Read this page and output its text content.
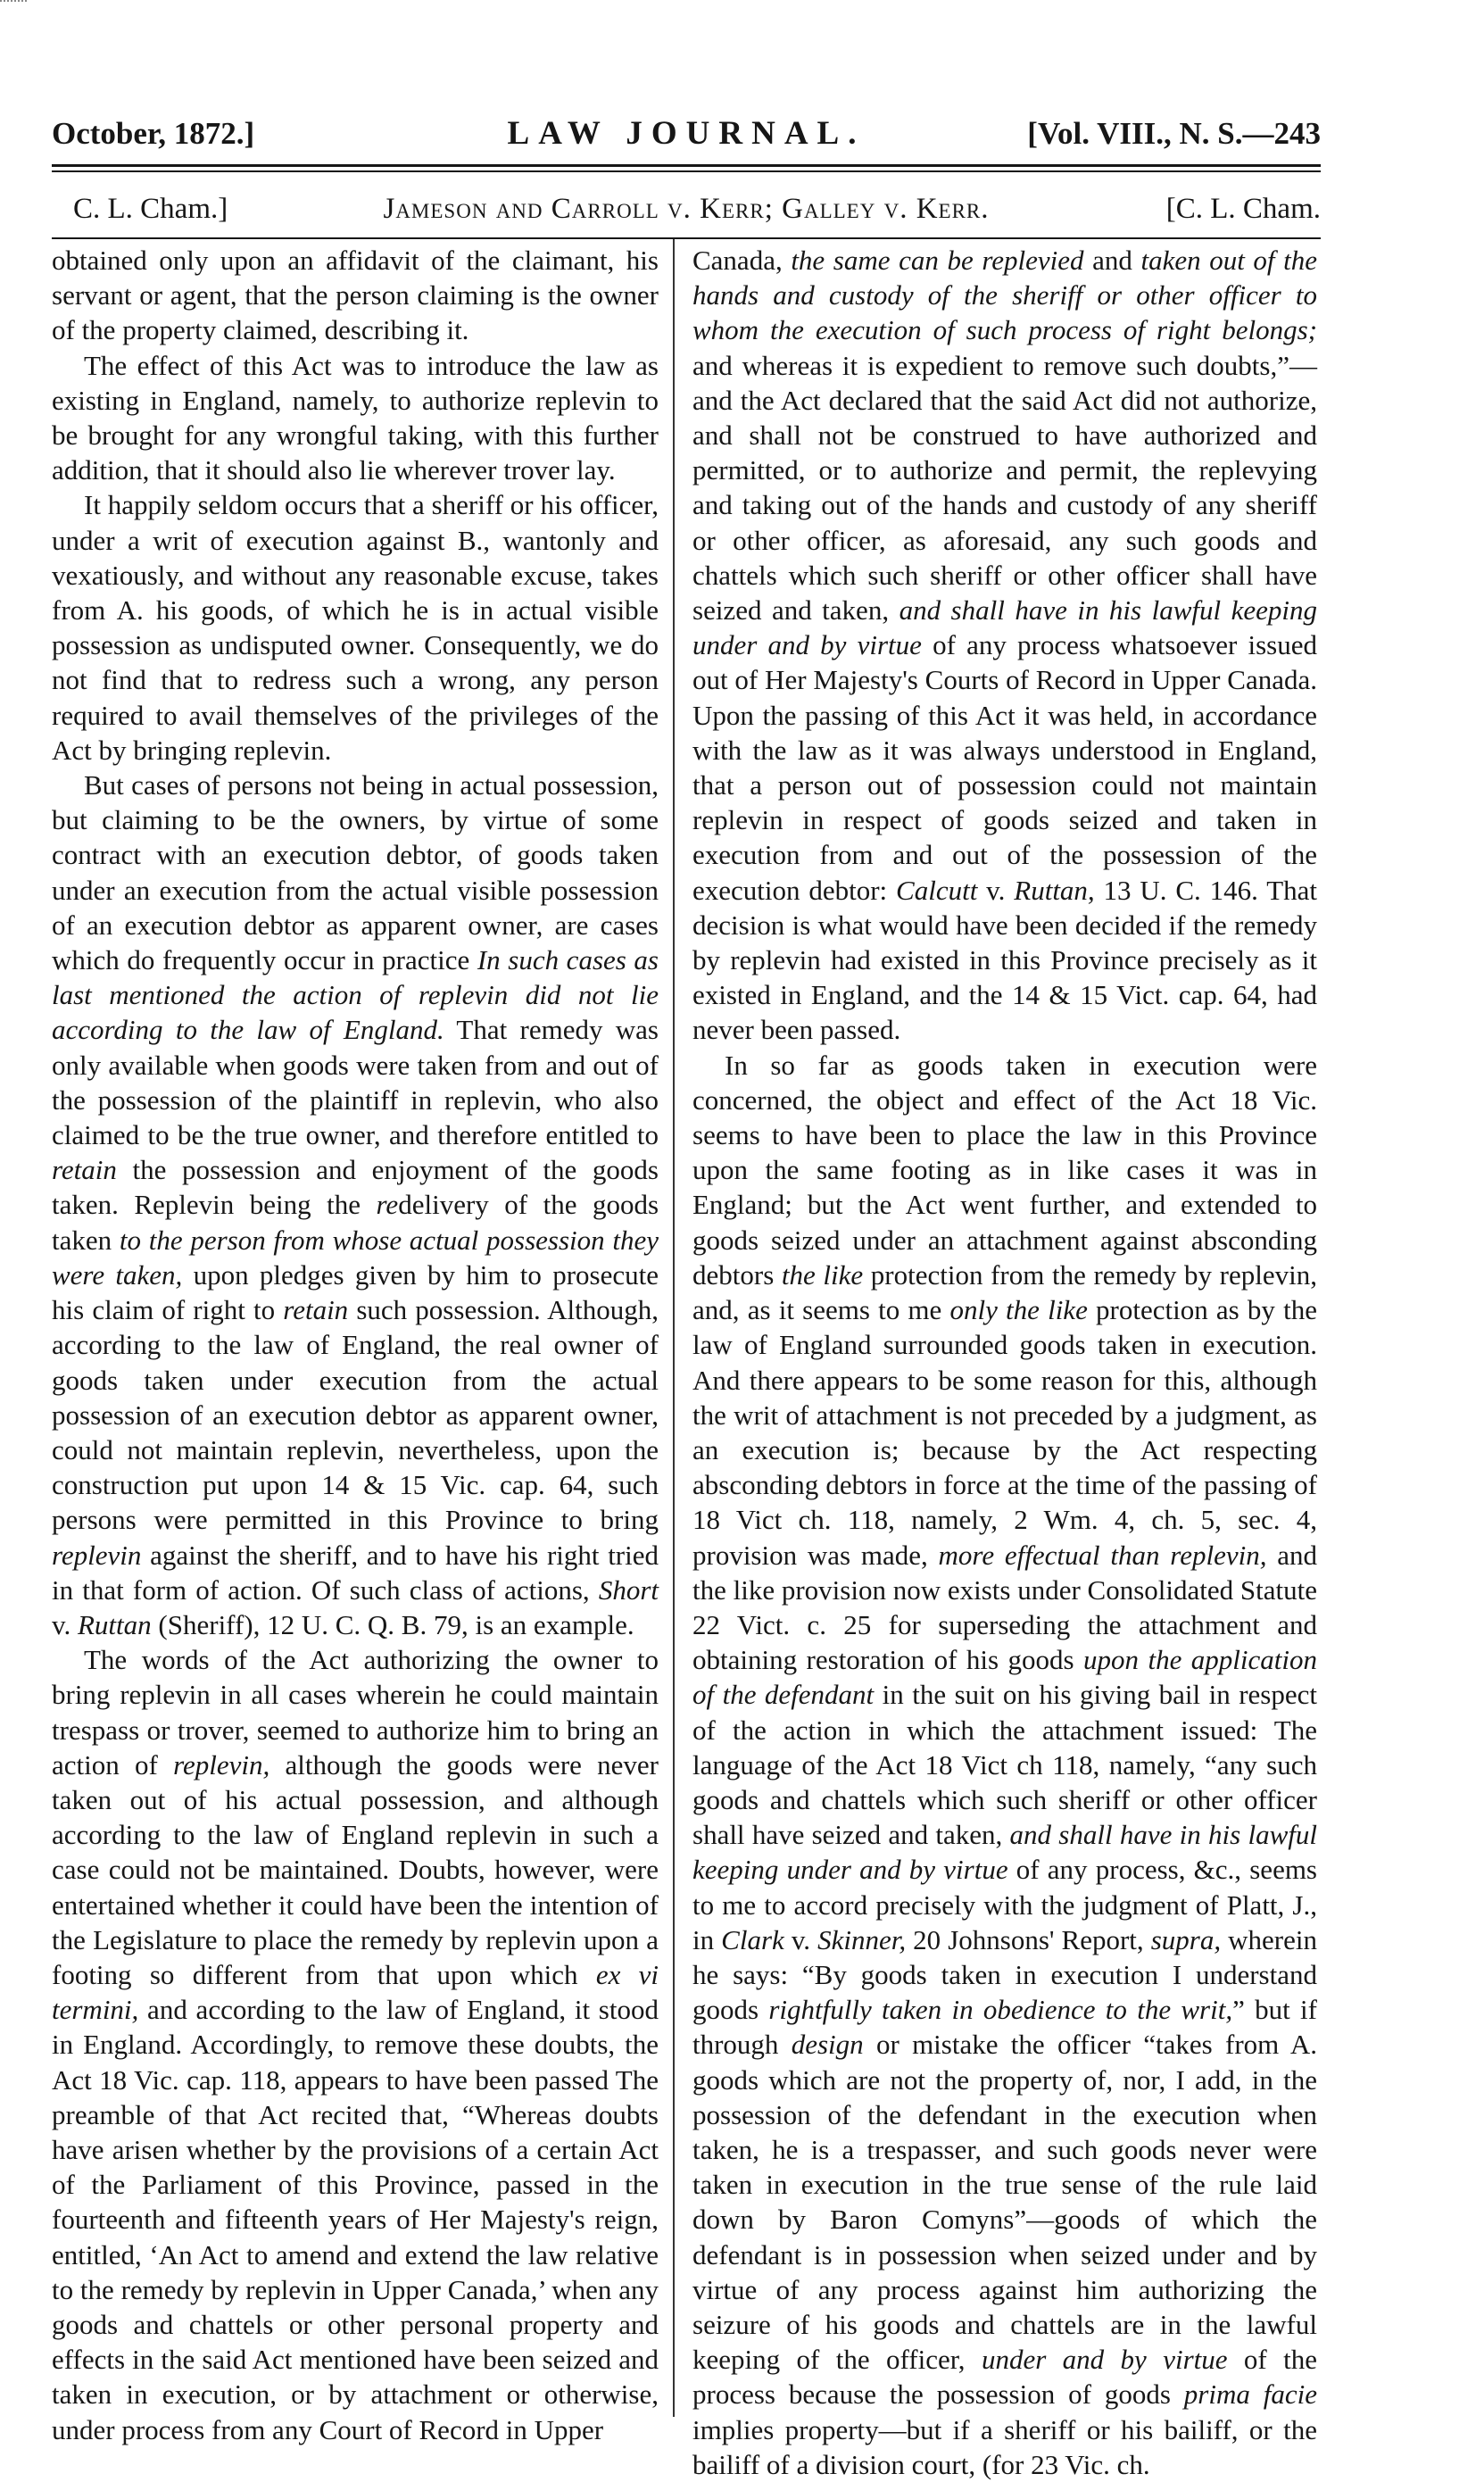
October, 1872.]	LAW JOURNAL.	[Vol. VIII., N. S.—243
C. L. Cham.]	Jameson and Carroll v. Kerr; Galley v. Kerr.	[C. L. Cham.

obtained only upon an affidavit of the claimant, his servant or agent, that the person claiming is the owner of the property claimed, describing it.

The effect of this Act was to introduce the law as existing in England, namely, to authorize replevin to be brought for any wrongful taking, with this further addition, that it should also lie wherever trover lay.

It happily seldom occurs that a sheriff or his officer, under a writ of execution against B., wantonly and vexatiously, and without any reasonable excuse, takes from A. his goods, of which he is in actual visible possession as undisputed owner. Consequently, we do not find that to redress such a wrong, any person required to avail themselves of the privileges of the Act by bringing replevin.

But cases of persons not being in actual possession, but claiming to be the owners, by virtue of some contract with an execution debtor, of goods taken under an execution from the actual visible possession of an execution debtor as apparent owner, are cases which do frequently occur in practice In such cases as last mentioned the action of replevin did not lie according to the law of England. That remedy was only available when goods were taken from and out of the possession of the plaintiff in replevin, who also claimed to be the true owner, and therefore entitled to retain the possession and enjoyment of the goods taken. Replevin being the redelivery of the goods taken to the person from whose actual possession they were taken, upon pledges given by him to prosecute his claim of right to retain such possession. Although, according to the law of England, the real owner of goods taken under execution from the actual possession of an execution debtor as apparent owner, could not maintain replevin, nevertheless, upon the construction put upon 14 & 15 Vic. cap. 64, such persons were permitted in this Province to bring replevin against the sheriff, and to have his right tried in that form of action. Of such class of actions, Short v. Ruttan (Sheriff), 12 U. C. Q. B. 79, is an example.

The words of the Act authorizing the owner to bring replevin in all cases wherein he could maintain trespass or trover, seemed to authorize him to bring an action of replevin, although the goods were never taken out of his actual possession, and although according to the law of England replevin in such a case could not be maintained. Doubts, however, were entertained whether it could have been the intention of the Legislature to place the remedy by replevin upon a footing so different from that upon which ex vi termini, and according to the law of England, it stood in England. Accordingly, to remove these doubts, the Act 18 Vic. cap. 118, appears to have been passed The preamble of that Act recited that, “Whereas doubts have arisen whether by the provisions of a certain Act of the Parliament of this Province, passed in the fourteenth and fifteenth years of Her Majesty's reign, entitled, ‘An Act to amend and extend the law relative to the remedy by replevin in Upper Canada,’ when any goods and chattels or other personal property and effects in the said Act mentioned have been seized and taken in execution, or by attachment or otherwise, under process from any Court of Record in Upper

Canada, the same can be replevied and taken out of the hands and custody of the sheriff or other officer to whom the execution of such process of right belongs; and whereas it is expedient to remove such doubts,”—and the Act declared that the said Act did not authorize, and shall not be construed to have authorized and permitted, or to authorize and permit, the replevying and taking out of the hands and custody of any sheriff or other officer, as aforesaid, any such goods and chattels which such sheriff or other officer shall have seized and taken, and shall have in his lawful keeping under and by virtue of any process whatsoever issued out of Her Majesty's Courts of Record in Upper Canada. Upon the passing of this Act it was held, in accordance with the law as it was always understood in England, that a person out of possession could not maintain replevin in respect of goods seized and taken in execution from and out of the possession of the execution debtor: Calcutt v. Ruttan, 13 U. C. 146. That decision is what would have been decided if the remedy by replevin had existed in this Province precisely as it existed in England, and the 14 & 15 Vict. cap. 64, had never been passed.

In so far as goods taken in execution were concerned, the object and effect of the Act 18 Vic. seems to have been to place the law in this Province upon the same footing as in like cases it was in England; but the Act went further, and extended to goods seized under an attachment against absconding debtors the like protection from the remedy by replevin, and, as it seems to me only the like protection as by the law of England surrounded goods taken in execution. And there appears to be some reason for this, although the writ of attachment is not preceded by a judgment, as an execution is; because by the Act respecting absconding debtors in force at the time of the passing of 18 Vict ch. 118, namely, 2 Wm. 4, ch. 5, sec. 4, provision was made, more effectual than replevin, and the like provision now exists under Consolidated Statute 22 Vict. c. 25 for superseding the attachment and obtaining restoration of his goods upon the application of the defendant in the suit on his giving bail in respect of the action in which the attachment issued: The language of the Act 18 Vict ch 118, namely, “any such goods and chattels which such sheriff or other officer shall have seized and taken, and shall have in his lawful keeping under and by virtue of any process, &c., seems to me to accord precisely with the judgment of Platt, J., in Clark v. Skinner, 20 Johnsons' Report, supra, wherein he says: “By goods taken in execution I understand goods rightfully taken in obedience to the writ,” but if through design or mistake the officer “takes from A. goods which are not the property of, nor, I add, in the possession of the defendant in the execution when taken, he is a trespasser, and such goods never were taken in execution in the true sense of the rule laid down by Baron Comyns”—goods of which the defendant is in possession when seized under and by virtue of any process against him authorizing the seizure of his goods and chattels are in the lawful keeping of the officer, under and by virtue of the process because the possession of goods prima facie implies property—but if a sheriff or his bailiff, or the bailiff of a division court, (for 23 Vic. ch.
